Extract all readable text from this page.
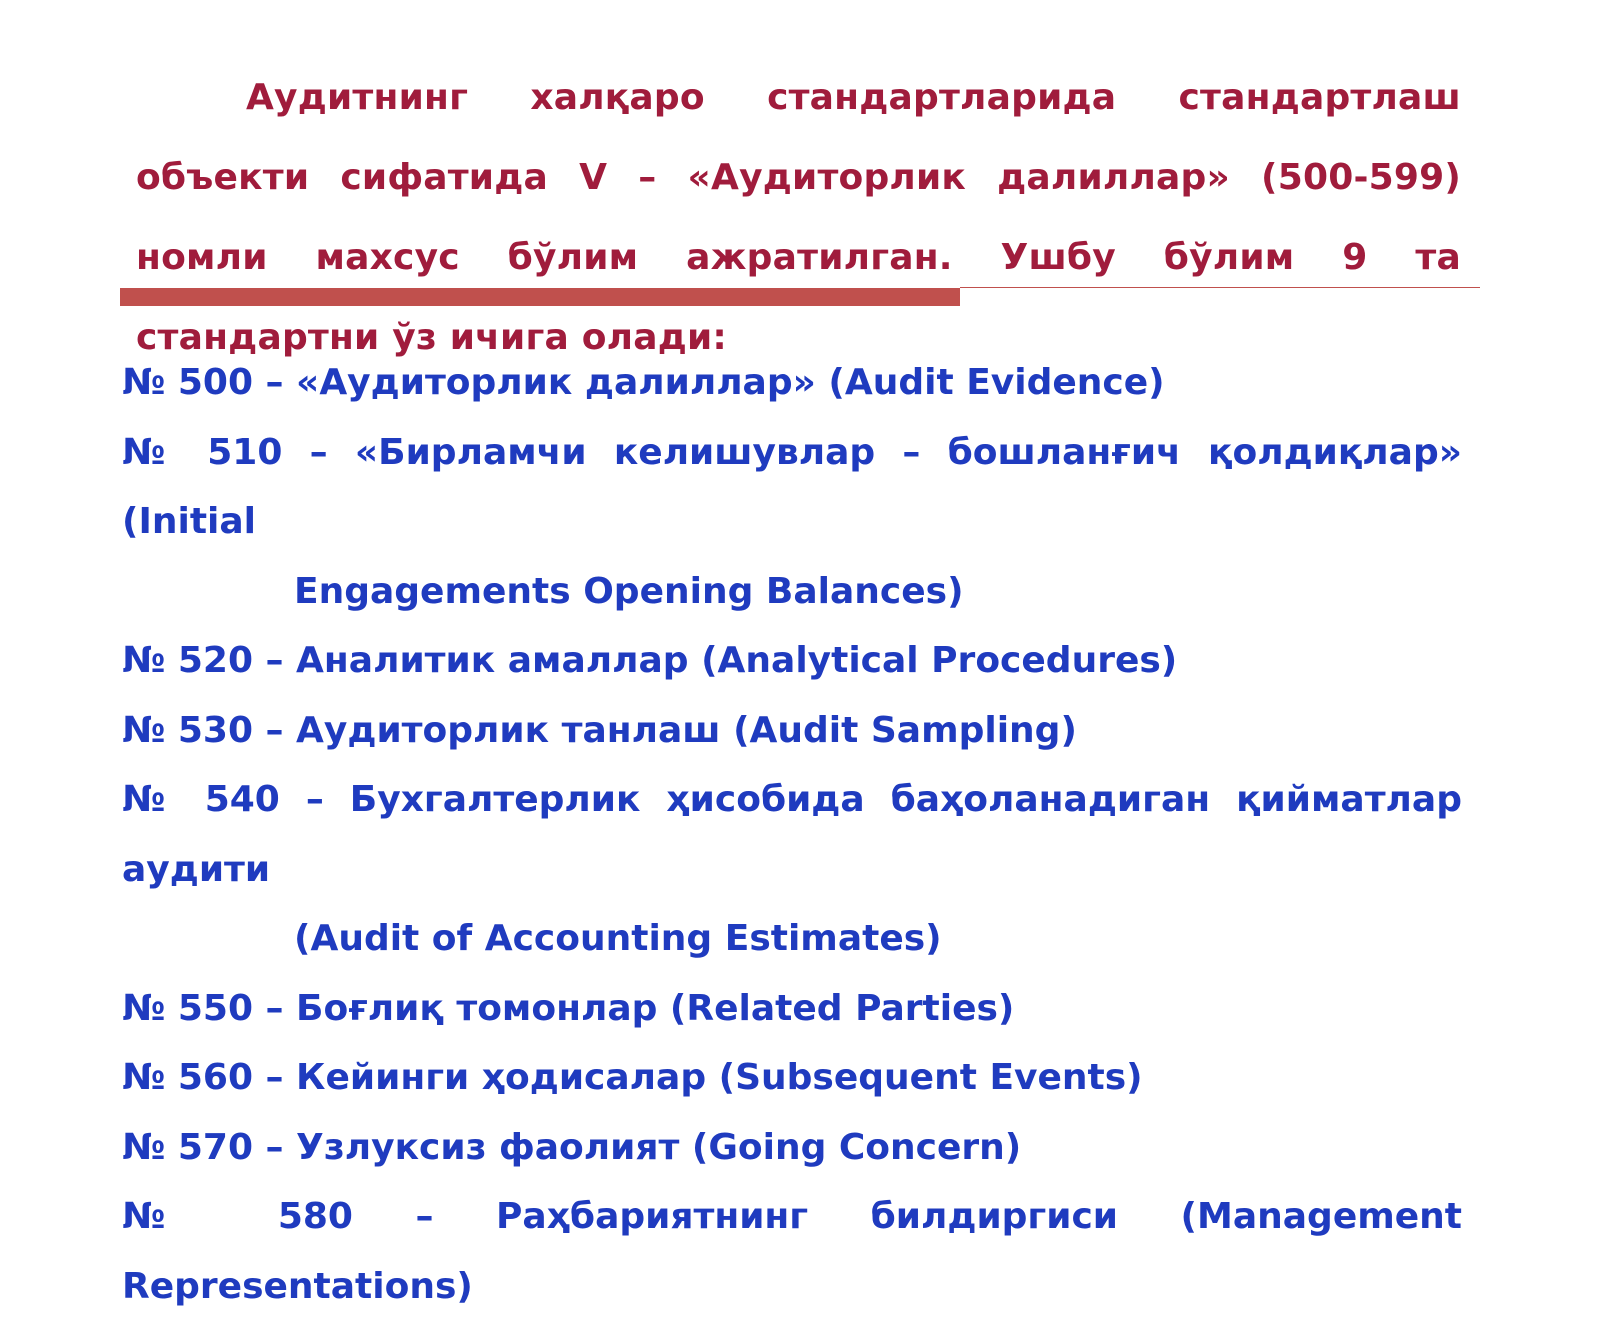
Аудитнинг халқаро стандартларида стандартлаш объекти сифатида V – «Аудиторлик далиллар» (500-599) номли махсус бўлим ажратилган. Ушбу бўлим 9 та стандартни ўз ичига олади:

№ 500 – «Аудиторлик далиллар» (Audit Evidence)
№ 510 – «Бирламчи келишувлар – бошланғич қолдиқлар» (Initial
Engagements Opening Balances)
№ 520 – Аналитик амаллар (Analytical Procedures)
№ 530 – Аудиторлик танлаш (Audit Sampling)
№ 540 – Бухгалтерлик ҳисобида баҳоланадиган қийматлар аудити
(Audit of Accounting Estimates)
№ 550 – Боғлиқ томонлар (Related Parties)
№ 560 – Кейинги ҳодисалар (Subsequent Events)
№ 570 – Узлуксиз фаолият (Going Concern)
№ 580 – Раҳбариятнинг билдиргиси (Management Representations)
